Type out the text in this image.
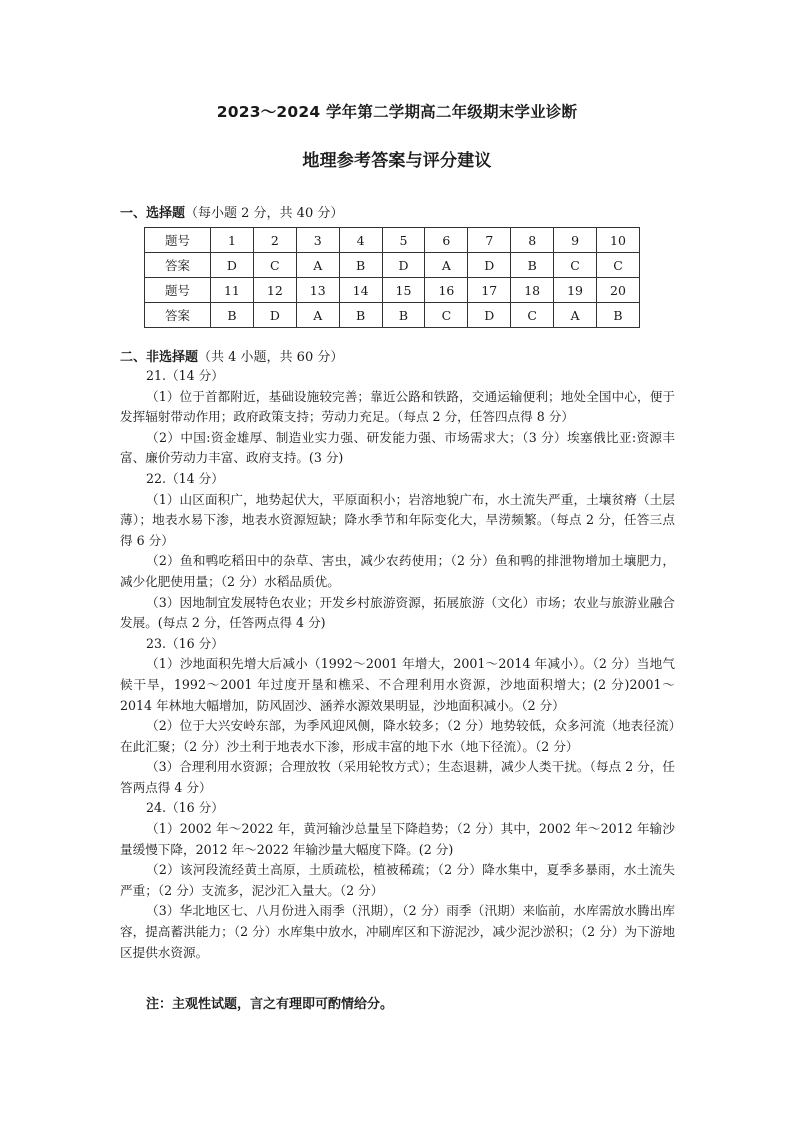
2023～2024 学年第二学期高二年级期末学业诊断
地理参考答案与评分建议
一、选择题（每小题 2 分，共 40 分）
题号	1	2	3	4	5	6	7	8	9	10
答案	D	C	A	B	D	A	D	B	C	C
题号	11	12	13	14	15	16	17	18	19	20
答案	B	D	A	B	B	C	D	C	A	B
二、非选择题（共 4 小题，共 60 分）

21.（14 分）

（1）位于首都附近，基础设施较完善；靠近公路和铁路，交通运输便利；地处全国中心，便于发挥辐射带动作用；政府政策支持；劳动力充足。（每点 2 分，任答四点得 8 分）

（2）中国:资金雄厚、制造业实力强、研发能力强、市场需求大；（3 分）埃塞俄比亚:资源丰富、廉价劳动力丰富、政府支持。(3 分)

22.（14 分）

（1）山区面积广，地势起伏大，平原面积小；岩溶地貌广布，水土流失严重，土壤贫瘠（土层薄）；地表水易下渗，地表水资源短缺；降水季节和年际变化大，旱涝频繁。（每点 2 分，任答三点得 6 分）

（2）鱼和鸭吃稻田中的杂草、害虫，减少农药使用；（2 分）鱼和鸭的排泄物增加土壤肥力，减少化肥使用量；（2 分）水稻品质优。

（3）因地制宜发展特色农业；开发乡村旅游资源，拓展旅游（文化）市场；农业与旅游业融合发展。(每点 2 分，任答两点得 4 分)

23.（16 分）

（1）沙地面积先增大后减小（1992～2001 年增大，2001～2014 年减小）。（2 分）当地气候干旱，1992～2001 年过度开垦和樵采、不合理利用水资源，沙地面积增大；(2 分)2001～2014 年林地大幅增加，防风固沙、涵养水源效果明显，沙地面积减小。（2 分）

（2）位于大兴安岭东部，为季风迎风侧，降水较多；（2 分）地势较低，众多河流（地表径流）在此汇聚；（2 分）沙土利于地表水下渗，形成丰富的地下水（地下径流）。（2 分）

（3）合理利用水资源；合理放牧（采用轮牧方式）；生态退耕，减少人类干扰。（每点 2 分，任答两点得 4 分）

24.（16 分）

（1）2002 年～2022 年，黄河输沙总量呈下降趋势；（2 分）其中，2002 年～2012 年输沙量缓慢下降，2012 年～2022 年输沙量大幅度下降。(2 分)

（2）该河段流经黄土高原，土质疏松，植被稀疏；（2 分）降水集中，夏季多暴雨，水土流失严重；（2 分）支流多，泥沙汇入量大。（2 分）

（3）华北地区七、八月份进入雨季（汛期），（2 分）雨季（汛期）来临前，水库需放水腾出库容，提高蓄洪能力；（2 分）水库集中放水，冲刷库区和下游泥沙，减少泥沙淤积；（2 分）为下游地区提供水资源。

注：主观性试题，言之有理即可酌情给分。
